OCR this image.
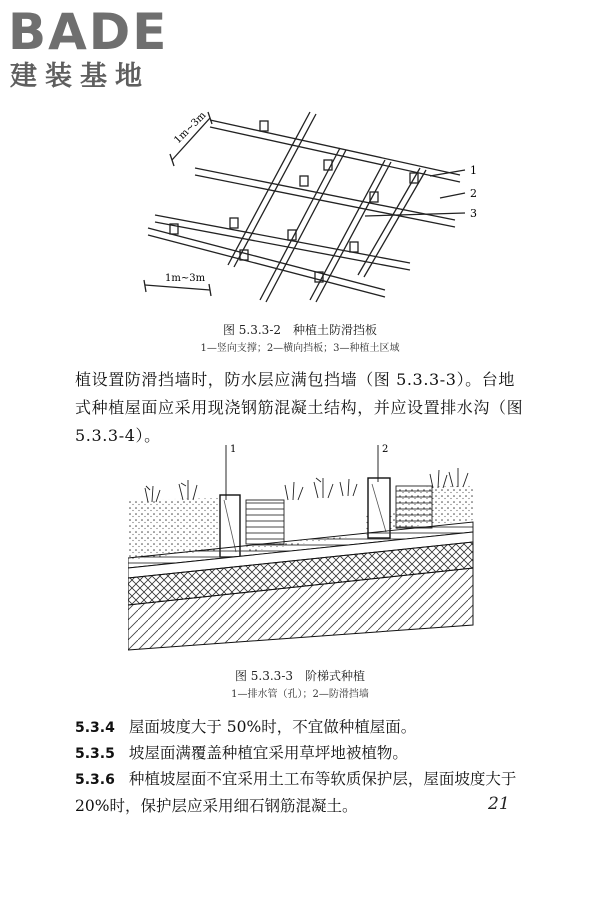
BADE
建装基地
1m~3m
1m~3m
1
2
3
图 5.3.3-2　种植土防滑挡板
1—竖向支撑；2—横向挡板；3—种植土区域

植设置防滑挡墙时，防水层应满包挡墙（图 5.3.3-3）。台地式种植屋面应采用现浇钢筋混凝土结构，并应设置排水沟（图 5.3.3-4）。

1	2
图 5.3.3-3　阶梯式种植
1—排水管（孔）；2—防滑挡墙

5.3.4 屋面坡度大于 50%时，不宜做种植屋面。

5.3.5 坡屋面满覆盖种植宜采用草坪地被植物。

5.3.6 种植坡屋面不宜采用土工布等软质保护层，屋面坡度大于 20%时，保护层应采用细石钢筋混凝土。	21
